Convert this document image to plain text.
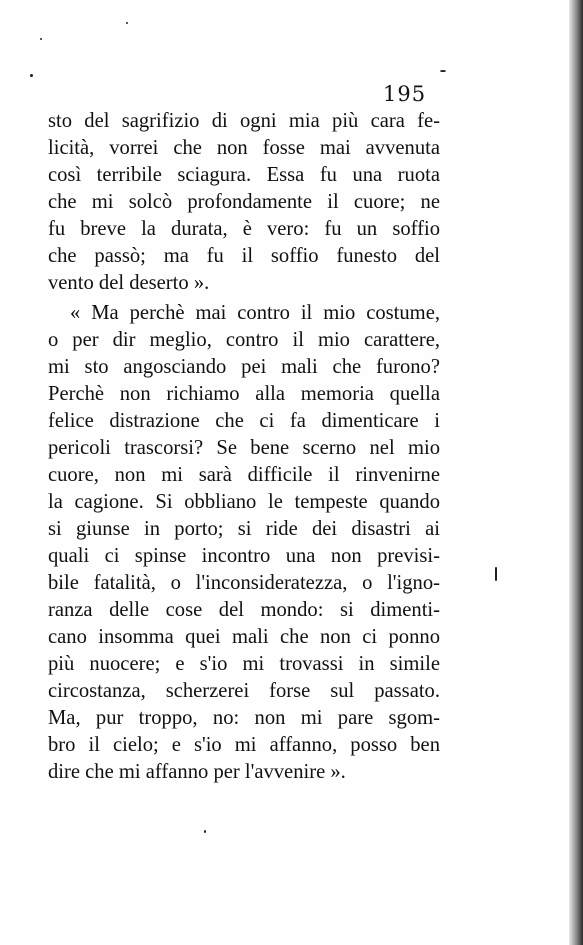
195
sto del sagrifizio di ogni mia più cara fe-
licità, vorrei che non fosse mai avvenuta
così terribile sciagura. Essa fu una ruota
che mi solcò profondamente il cuore; ne
fu breve la durata, è vero: fu un soffio
che passò; ma fu il soffio funesto del
vento del deserto ».
« Ma perchè mai contro il mio costume,
o per dir meglio, contro il mio carattere,
mi sto angosciando pei mali che furono?
Perchè non richiamo alla memoria quella
felice distrazione che ci fa dimenticare i
pericoli trascorsi? Se bene scerno nel mio
cuore, non mi sarà difficile il rinvenirne
la cagione. Si obbliano le tempeste quando
si giunse in porto; si ride dei disastri ai
quali ci spinse incontro una non previsi-
bile fatalità, o l'inconsideratezza, o l'igno-
ranza delle cose del mondo: si dimenti-
cano insomma quei mali che non ci ponno
più nuocere; e s'io mi trovassi in simile
circostanza, scherzerei forse sul passato.
Ma, pur troppo, no: non mi pare sgom-
bro il cielo; e s'io mi affanno, posso ben
dire che mi affanno per l'avvenire ».
